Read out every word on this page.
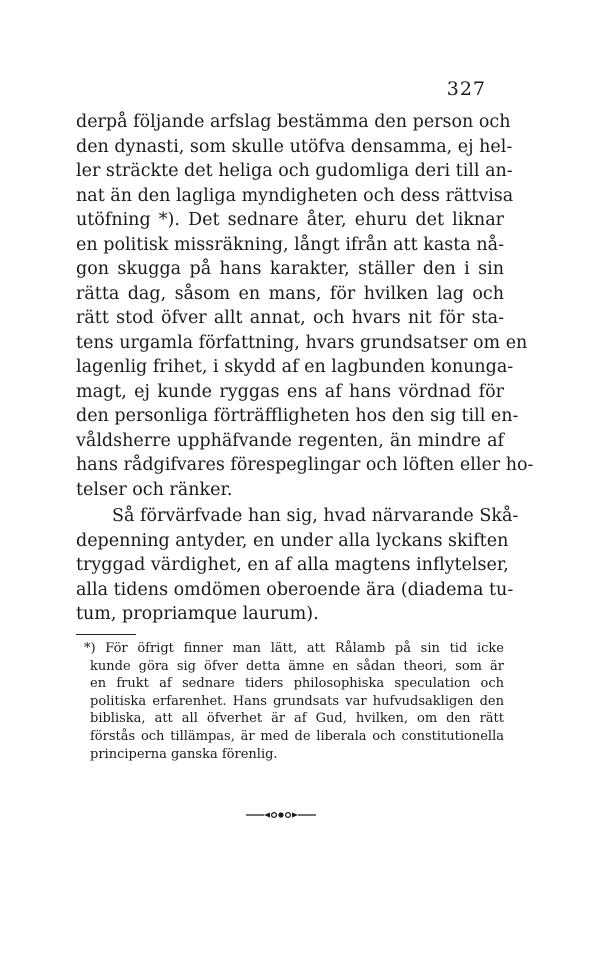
327
derpå följande arfslag bestämma den person och
den dynasti, som skulle utöfva densamma, ej hel-
ler sträckte det heliga och gudomliga deri till an-
nat än den lagliga myndigheten och dess rättvisa
utöfning *). Det sednare åter, ehuru det liknar
en politisk missräkning, långt ifrån att kasta nå-
gon skugga på hans karakter, ställer den i sin
rätta dag, såsom en mans, för hvilken lag och
rätt stod öfver allt annat, och hvars nit för sta-
tens urgamla författning, hvars grundsatser om en
lagenlig frihet, i skydd af en lagbunden konunga-
magt, ej kunde ryggas ens af hans vördnad för
den personliga förträffligheten hos den sig till en-
våldsherre upphäfvande regenten, än mindre af
hans rådgifvares förespeglingar och löften eller ho-
telser och ränker.
Så förvärfvade han sig, hvad närvarande Skå-
depenning antyder, en under alla lyckans skiften
tryggad värdighet, en af alla magtens inflytelser,
alla tidens omdömen oberoende ära (diadema tu-
tum, propriamque laurum).
*) För öfrigt finner man lätt, att Rålamb på sin tid icke
kunde göra sig öfver detta ämne en sådan theori, som är
en frukt af sednare tiders philosophiska speculation och
politiska erfarenhet. Hans grundsats var hufvudsakligen den
bibliska, att all öfverhet är af Gud, hvilken, om den rätt
förstås och tillämpas, är med de liberala och constitutionella
principerna ganska förenlig.
